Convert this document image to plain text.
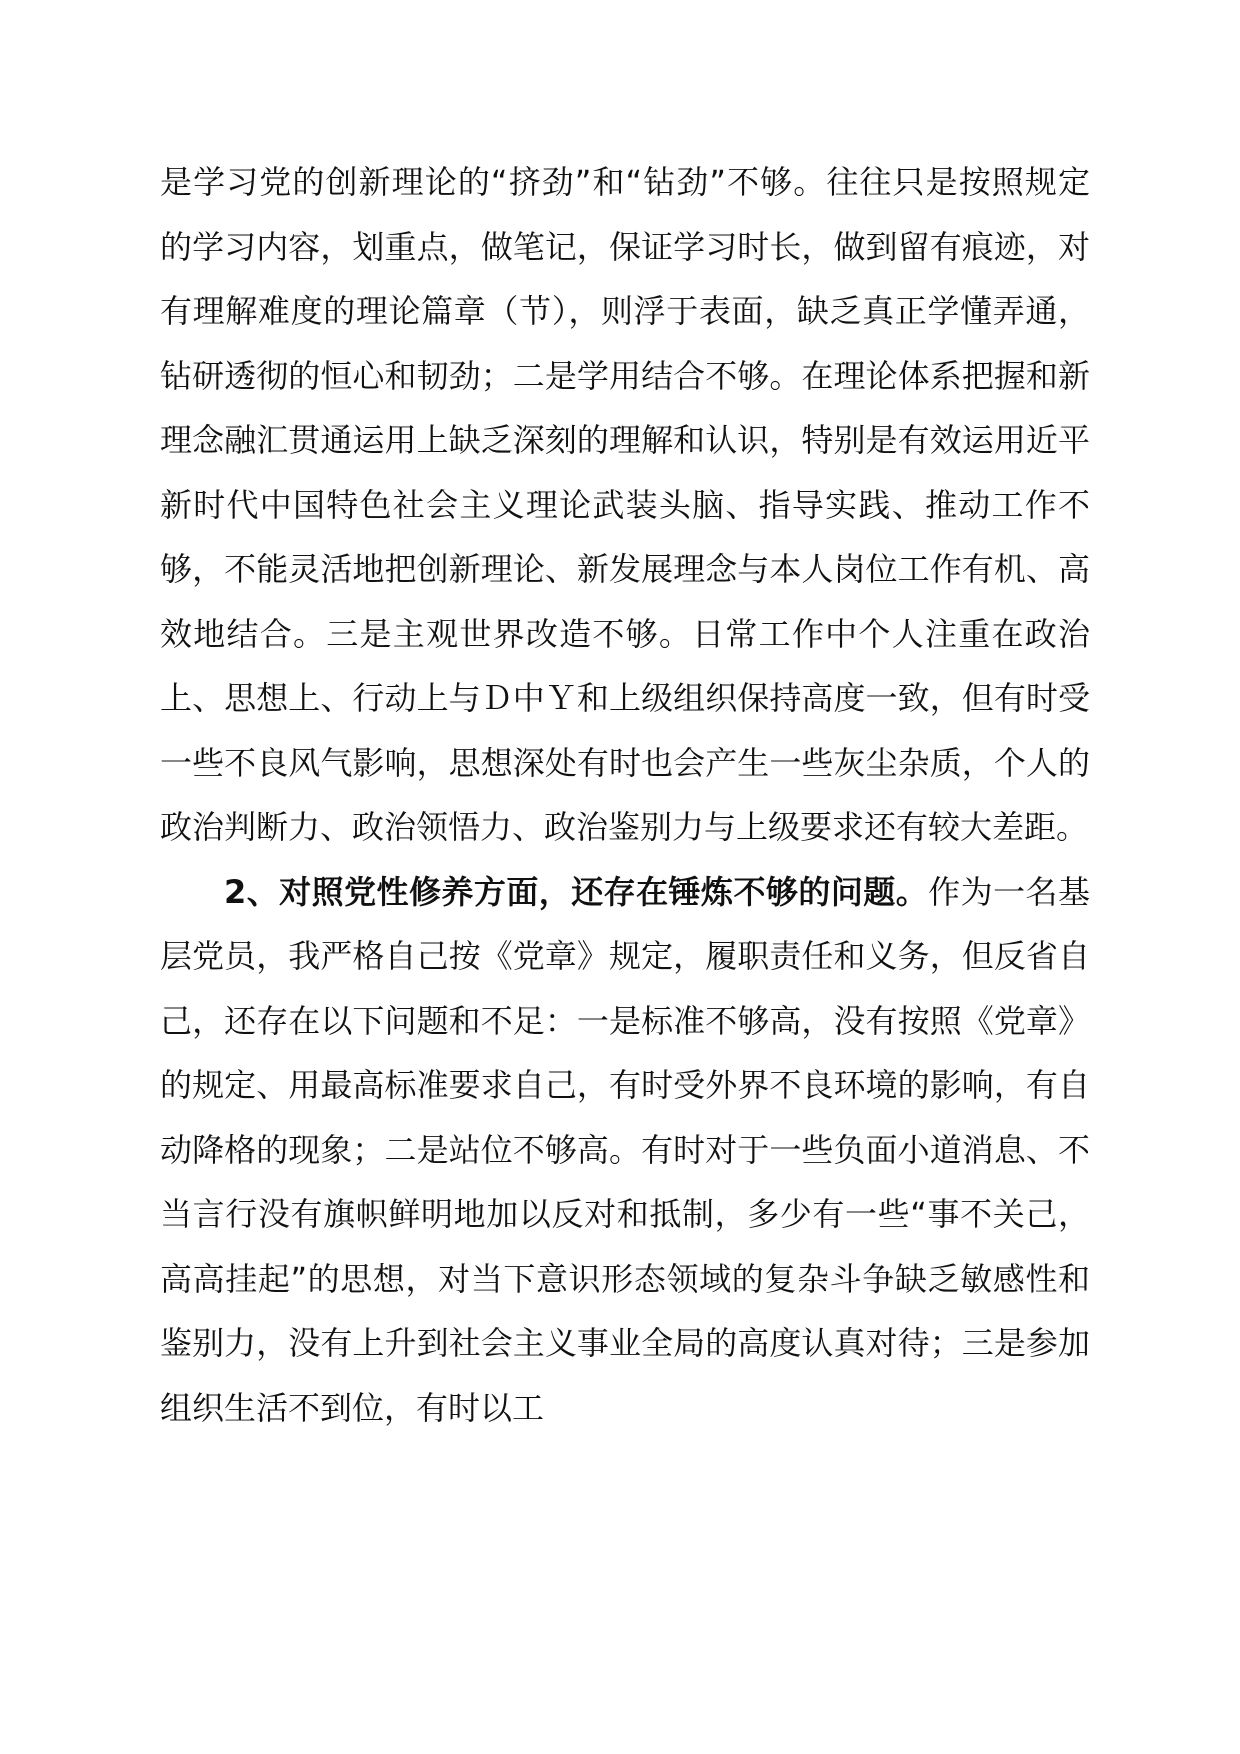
是学习党的创新理论的“挤劲”和“钻劲”不够。往往只是按照规定的学习内容，划重点，做笔记，保证学习时长，做到留有痕迹，对有理解难度的理论篇章（节），则浮于表面，缺乏真正学懂弄通，钻研透彻的恒心和韧劲；二是学用结合不够。在理论体系把握和新理念融汇贯通运用上缺乏深刻的理解和认识，特别是有效运用近平新时代中国特色社会主义理论武装头脑、指导实践、推动工作不够，不能灵活地把创新理论、新发展理念与本人岗位工作有机、高效地结合。三是主观世界改造不够。日常工作中个人注重在政治上、思想上、行动上与Ｄ中Ｙ和上级组织保持高度一致，但有时受一些不良风气影响，思想深处有时也会产生一些灰尘杂质，个人的政治判断力、政治领悟力、政治鉴别力与上级要求还有较大差距。

2、对照党性修养方面，还存在锤炼不够的问题。作为一名基层党员，我严格自己按《党章》规定，履职责任和义务，但反省自己，还存在以下问题和不足：一是标准不够高，没有按照《党章》的规定、用最高标准要求自己，有时受外界不良环境的影响，有自动降格的现象；二是站位不够高。有时对于一些负面小道消息、不当言行没有旗帜鲜明地加以反对和抵制，多少有一些“事不关己，高高挂起”的思想，对当下意识形态领域的复杂斗争缺乏敏感性和鉴别力，没有上升到社会主义事业全局的高度认真对待；三是参加组织生活不到位，有时以工
